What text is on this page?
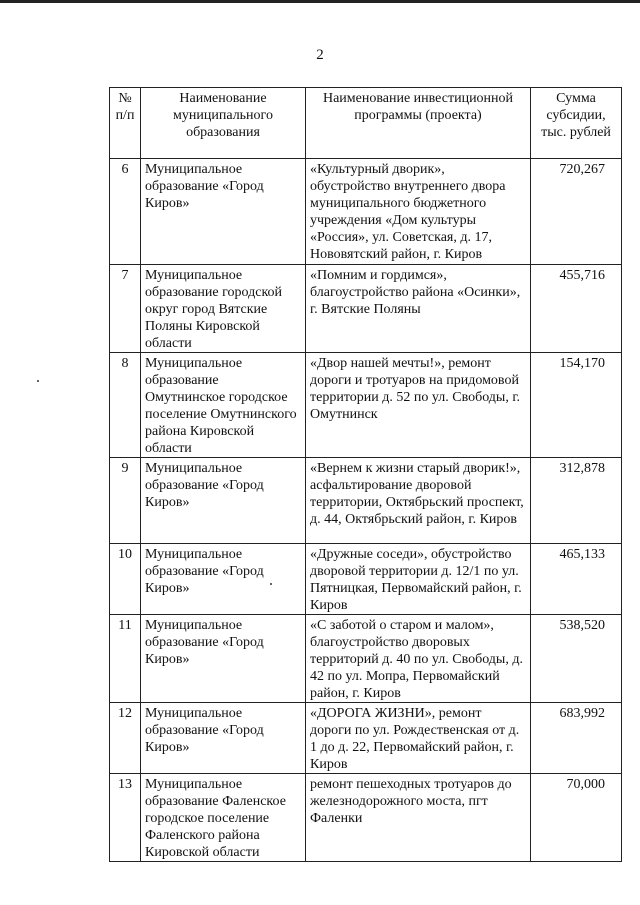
2
№ п/п	Наименование муниципального образования	Наименование инвестиционной программы (проекта)	Сумма субсидии, тыс. рублей
6	Муниципальное образование «Город Киров»	«Культурный дворик», обустройство внутреннего двора муниципального бюджетного учреждения «Дом культуры «Россия», ул. Советская, д. 17, Нововятский район, г. Киров	720,267
7	Муниципальное образование городской округ город Вятские Поляны Кировской области	«Помним и гордимся», благоустройство района «Осинки», г. Вятские Поляны	455,716
8	Муниципальное образование Омутнинское городское поселение Омутнинского района Кировской области	«Двор нашей мечты!», ремонт дороги и тротуаров на придомовой территории д. 52 по ул. Свободы, г. Омутнинск	154,170
9	Муниципальное образование «Город Киров»	«Вернем к жизни старый дворик!», асфальтирование дворовой территории, Октябрьский проспект, д. 44, Октябрьский район, г. Киров	312,878
10	Муниципальное образование «Город Киров»	«Дружные соседи», обустройство дворовой территории д. 12/1 по ул. Пятницкая, Первомайский район, г. Киров	465,133
11	Муниципальное образование «Город Киров»	«С заботой о старом и малом», благоустройство дворовых территорий д. 40 по ул. Свободы, д. 42 по ул. Мопра, Первомайский район, г. Киров	538,520
12	Муниципальное образование «Город Киров»	«ДОРОГА ЖИЗНИ», ремонт дороги по ул. Рождественская от д. 1 до д. 22, Первомайский район, г. Киров	683,992
13	Муниципальное образование Фаленское городское поселение Фаленского района Кировской области	ремонт пешеходных тротуаров до железнодорожного моста, пгт Фаленки	70,000
